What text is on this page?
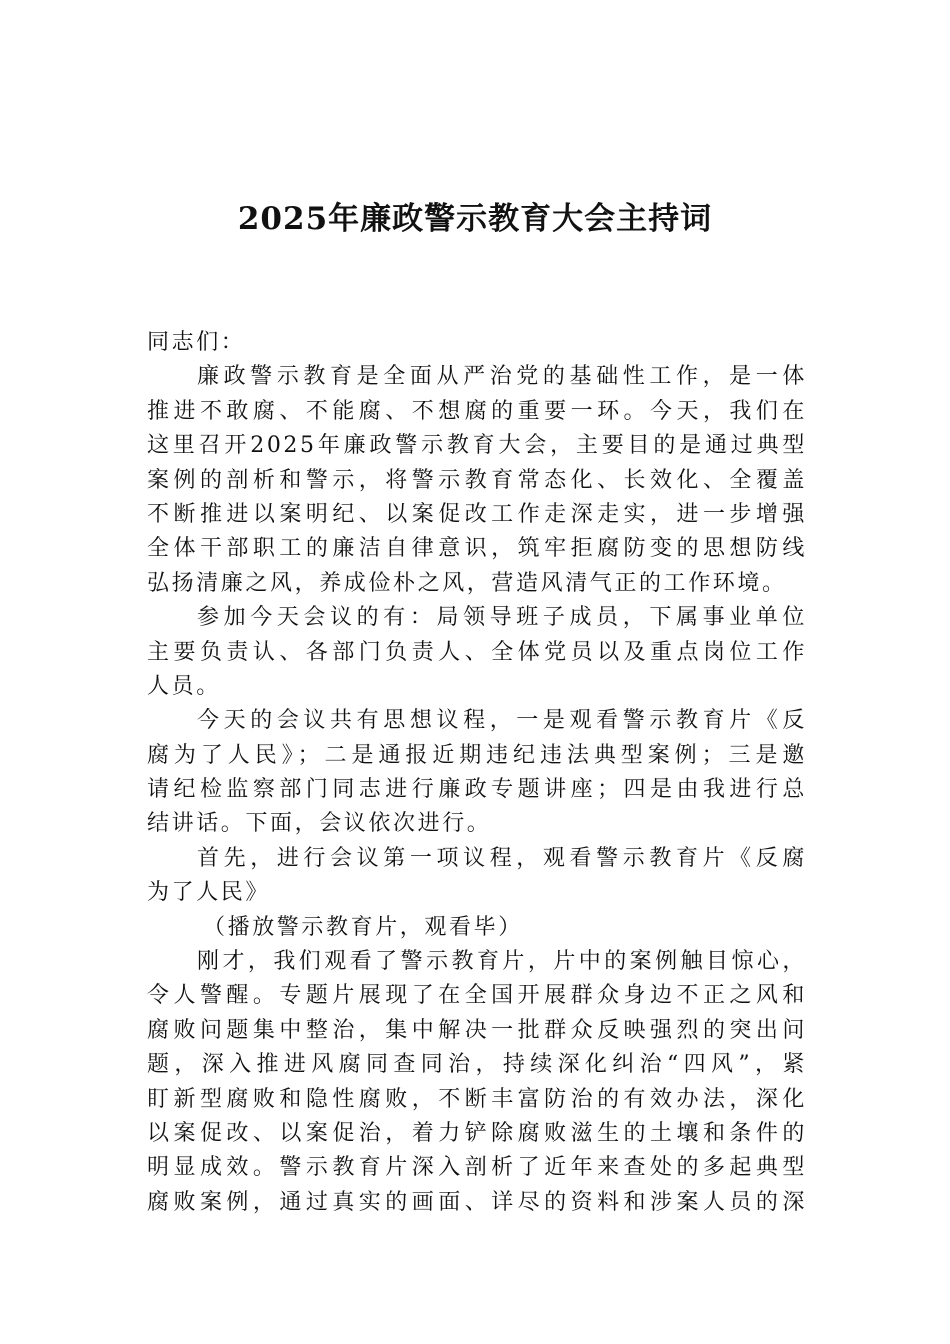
2025年廉政警示教育大会主持词
同志们：
廉政警示教育是全面从严治党的基础性工作，是一体
推进不敢腐、不能腐、不想腐的重要一环。今天，我们在
这里召开2025年廉政警示教育大会，主要目的是通过典型
案例的剖析和警示，将警示教育常态化、长效化、全覆盖
不断推进以案明纪、以案促改工作走深走实，进一步增强
全体干部职工的廉洁自律意识，筑牢拒腐防变的思想防线
弘扬清廉之风，养成俭朴之风，营造风清气正的工作环境。
参加今天会议的有：局领导班子成员，下属事业单位
主要负责认、各部门负责人、全体党员以及重点岗位工作
人员。
今天的会议共有思想议程，一是观看警示教育片《反
腐为了人民》；二是通报近期违纪违法典型案例；三是邀
请纪检监察部门同志进行廉政专题讲座；四是由我进行总
结讲话。下面，会议依次进行。
首先，进行会议第一项议程，观看警示教育片《反腐
为了人民》
（播放警示教育片，观看毕）
刚才，我们观看了警示教育片，片中的案例触目惊心，
令人警醒。专题片展现了在全国开展群众身边不正之风和
腐败问题集中整治，集中解决一批群众反映强烈的突出问
题，深入推进风腐同查同治，持续深化纠治“四风”，紧
盯新型腐败和隐性腐败，不断丰富防治的有效办法，深化
以案促改、以案促治，着力铲除腐败滋生的土壤和条件的
明显成效。警示教育片深入剖析了近年来查处的多起典型
腐败案例，通过真实的画面、详尽的资料和涉案人员的深
